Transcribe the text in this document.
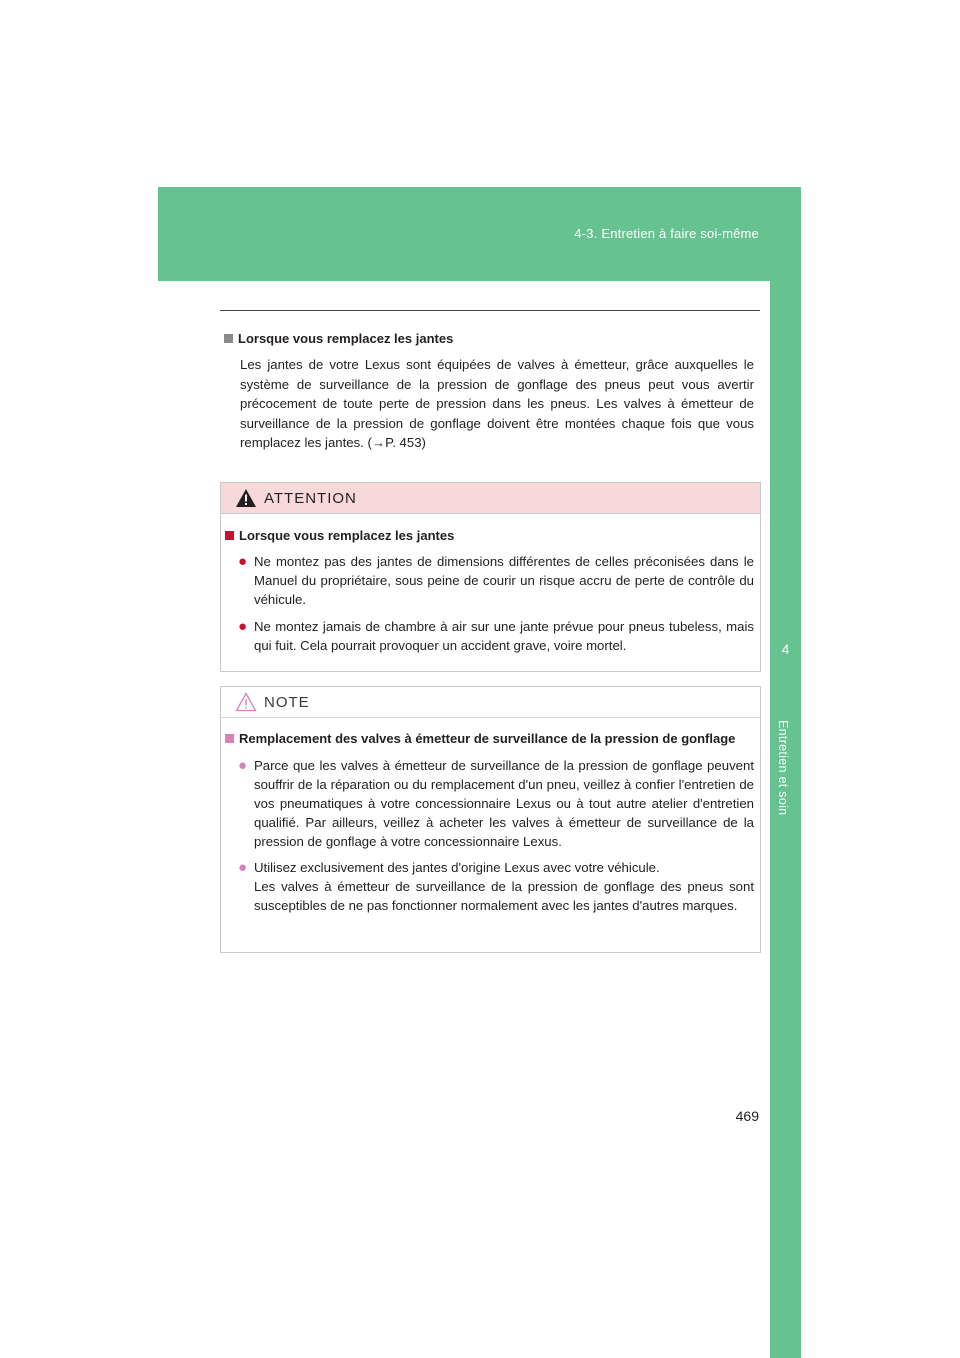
4-3. Entretien à faire soi-même
4
Entretien et soin
Lorsque vous remplacez les jantes
Les jantes de votre Lexus sont équipées de valves à émetteur, grâce auxquelles le système de surveillance de la pression de gonflage des pneus peut vous avertir précocement de toute perte de pression dans les pneus. Les valves à émetteur de surveillance de la pression de gonflage doivent être montées chaque fois que vous remplacez les jantes. (→P. 453)
ATTENTION
Lorsque vous remplacez les jantes
● Ne montez pas des jantes de dimensions différentes de celles préconisées dans le Manuel du propriétaire, sous peine de courir un risque accru de perte de contrôle du véhicule.
● Ne montez jamais de chambre à air sur une jante prévue pour pneus tubeless, mais qui fuit. Cela pourrait provoquer un accident grave, voire mortel.
NOTE
Remplacement des valves à émetteur de surveillance de la pression de gonflage
● Parce que les valves à émetteur de surveillance de la pression de gonflage peuvent souffrir de la réparation ou du remplacement d'un pneu, veillez à confier l'entretien de vos pneumatiques à votre concessionnaire Lexus ou à tout autre atelier d'entretien qualifié. Par ailleurs, veillez à acheter les valves à émetteur de surveillance de la pression de gonflage à votre concessionnaire Lexus.
● Utilisez exclusivement des jantes d'origine Lexus avec votre véhicule.
Les valves à émetteur de surveillance de la pression de gonflage des pneus sont susceptibles de ne pas fonctionner normalement avec les jantes d'autres marques.
469
